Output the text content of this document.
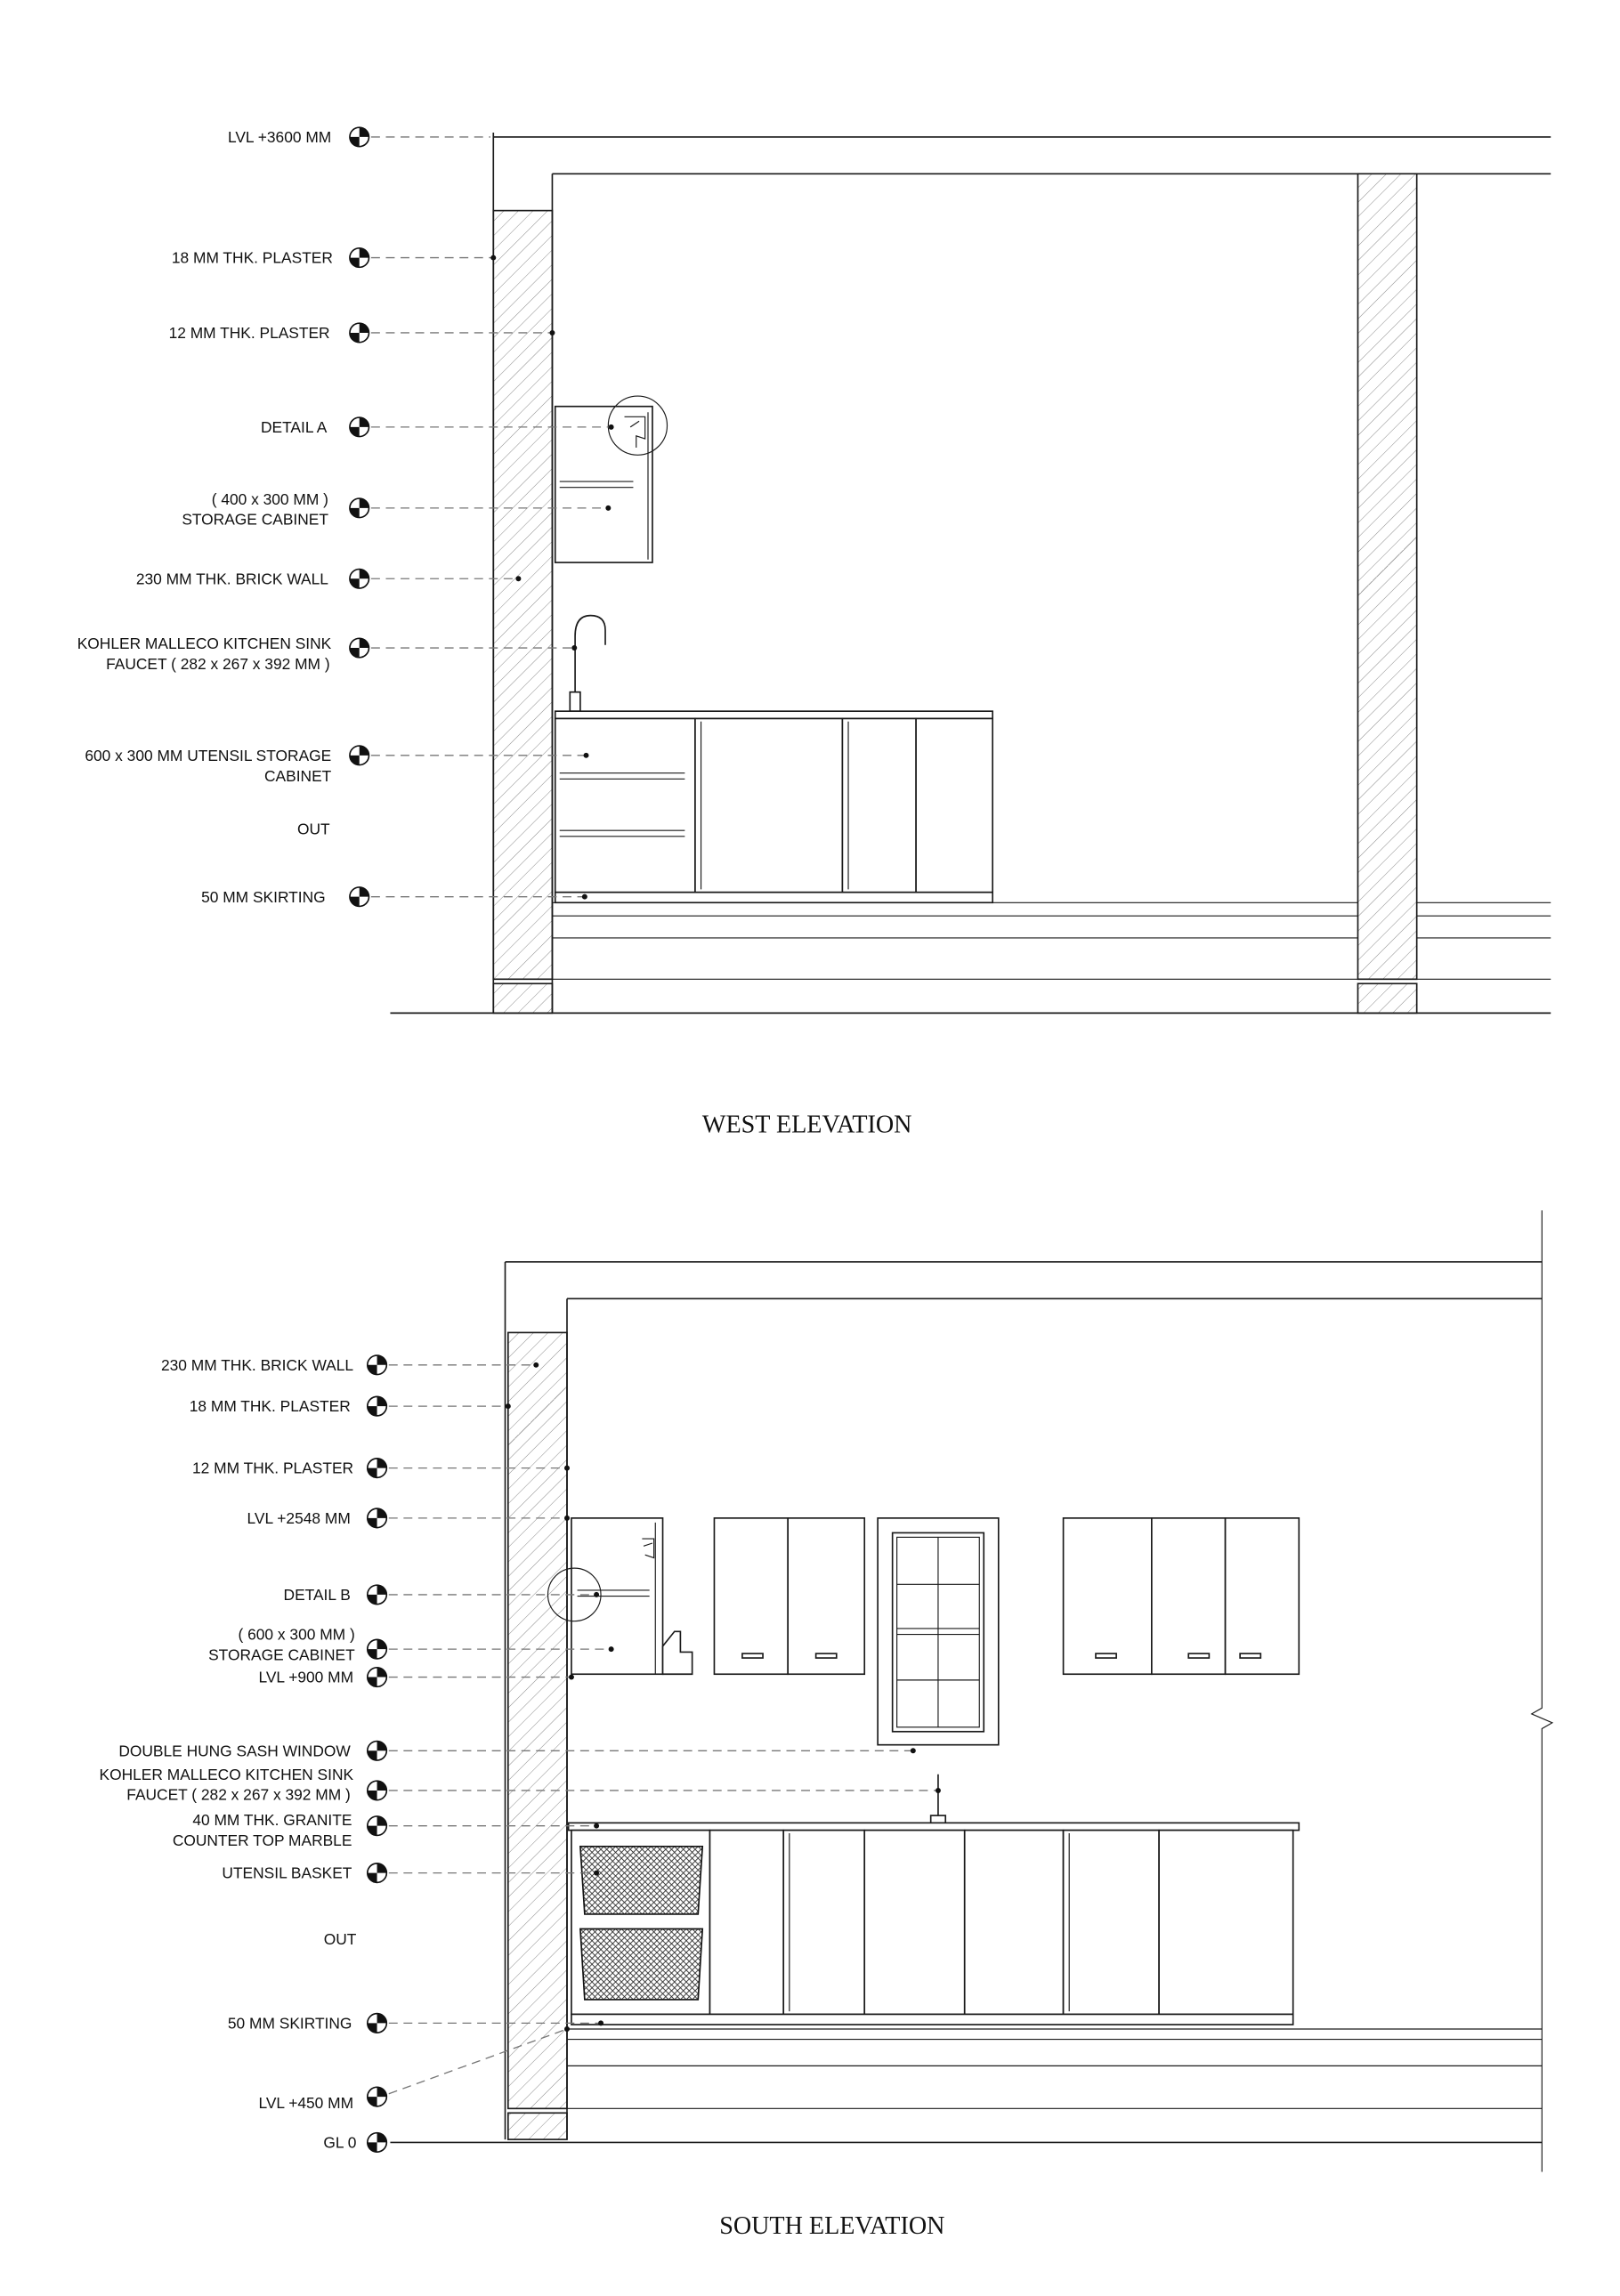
LVL +3600 MM
18 MM THK. PLASTER
12 MM THK. PLASTER
DETAIL A
( 400 x 300 MM )
STORAGE CABINET
230 MM THK. BRICK WALL
KOHLER MALLECO KITCHEN SINK
FAUCET ( 282 x 267 x 392 MM )
600 x 300 MM UTENSIL STORAGE
CABINET
OUT
50 MM SKIRTING
WEST ELEVATION
230 MM THK. BRICK WALL
18 MM THK. PLASTER
12 MM THK. PLASTER
LVL +2548 MM
DETAIL B
( 600 x 300 MM )
STORAGE CABINET
LVL +900 MM
DOUBLE HUNG SASH WINDOW
KOHLER MALLECO KITCHEN SINK
FAUCET ( 282 x 267 x 392 MM )
40 MM THK. GRANITE
COUNTER TOP MARBLE
UTENSIL BASKET
OUT
50 MM SKIRTING
LVL +450 MM
GL 0
SOUTH ELEVATION
